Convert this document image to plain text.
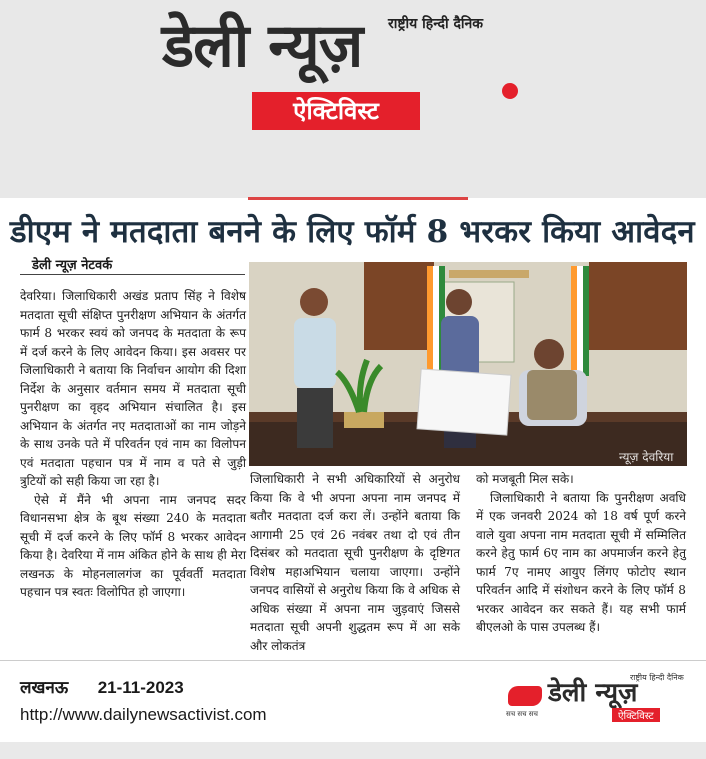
राष्ट्रीय हिन्दी दैनिक
डेली न्यूज़
ऐक्टिविस्ट
डीएम ने मतदाता बनने के लिए फॉर्म 8 भरकर किया आवेदन
डेली न्यूज़ नेटवर्क
न्यूज़ देवरिया

देवरिया। जिलाधिकारी अखंड प्रताप सिंह ने विशेष मतदाता सूची संक्षिप्त पुनरीक्षण अभियान के अंतर्गत फार्म 8 भरकर स्वयं को जनपद के मतदाता के रूप में दर्ज करने के लिए आवेदन किया। इस अवसर पर जिलाधिकारी ने बताया कि निर्वाचन आयोग की दिशा निर्देश के अनुसार वर्तमान समय में मतदाता सूची पुनरीक्षण का वृहद अभियान संचालित है। इस अभियान के अंतर्गत नए मतदाताओं का नाम जोड़ने के साथ उनके पते में परिवर्तन एवं नाम का विलोपन एवं मतदाता पहचान पत्र में नाम व पते से जुड़ी त्रुटियों को सही किया जा रहा है।

ऐसे में मैंने भी अपना नाम जनपद सदर विधानसभा क्षेत्र के बूथ संख्या 240 के मतदाता सूची में दर्ज करने के लिए फॉर्म 8 भरकर आवेदन किया है। देवरिया में नाम अंकित होने के साथ ही मेरा लखनऊ के मोहनलालगंज का पूर्ववर्ती मतदाता पहचान पत्र स्वतः विलोपित हो जाएगा।

जिलाधिकारी ने सभी अधिकारियों से अनुरोध किया कि वे भी अपना अपना नाम जनपद में बतौर मतदाता दर्ज करा लें। उन्होंने बताया कि आगामी 25 एवं 26 नवंबर तथा दो एवं तीन दिसंबर को मतदाता सूची पुनरीक्षण के दृष्टिगत विशेष महाअभियान चलाया जाएगा। उन्होंने जनपद वासियों से अनुरोध किया कि वे अधिक से अधिक संख्या में अपना नाम जुड़वाएं जिससे मतदाता सूची अपनी शुद्धतम रूप में आ सके और लोकतंत्र

को मजबूती मिल सके।

जिलाधिकारी ने बताया कि पुनरीक्षण अवधि में एक जनवरी 2024 को 18 वर्ष पूर्ण करने वाले युवा अपना नाम मतदाता सूची में सम्मिलित करने हेतु फार्म 6ए नाम का अपमार्जन करने हेतु फार्म 7ए नामए आयुए लिंगए फोटोए स्थान परिवर्तन आदि में संशोधन करने के लिए फॉर्म 8 भरकर आवेदन कर सकते हैं। यह सभी फार्म बीएलओ के पास उपलब्ध हैं।

लखनऊ 21-11-2023
http://www.dailynewsactivist.com
राष्ट्रीय हिन्दी दैनिक
डेली न्यूज़
ऐक्टिविस्ट
सच सच सच
